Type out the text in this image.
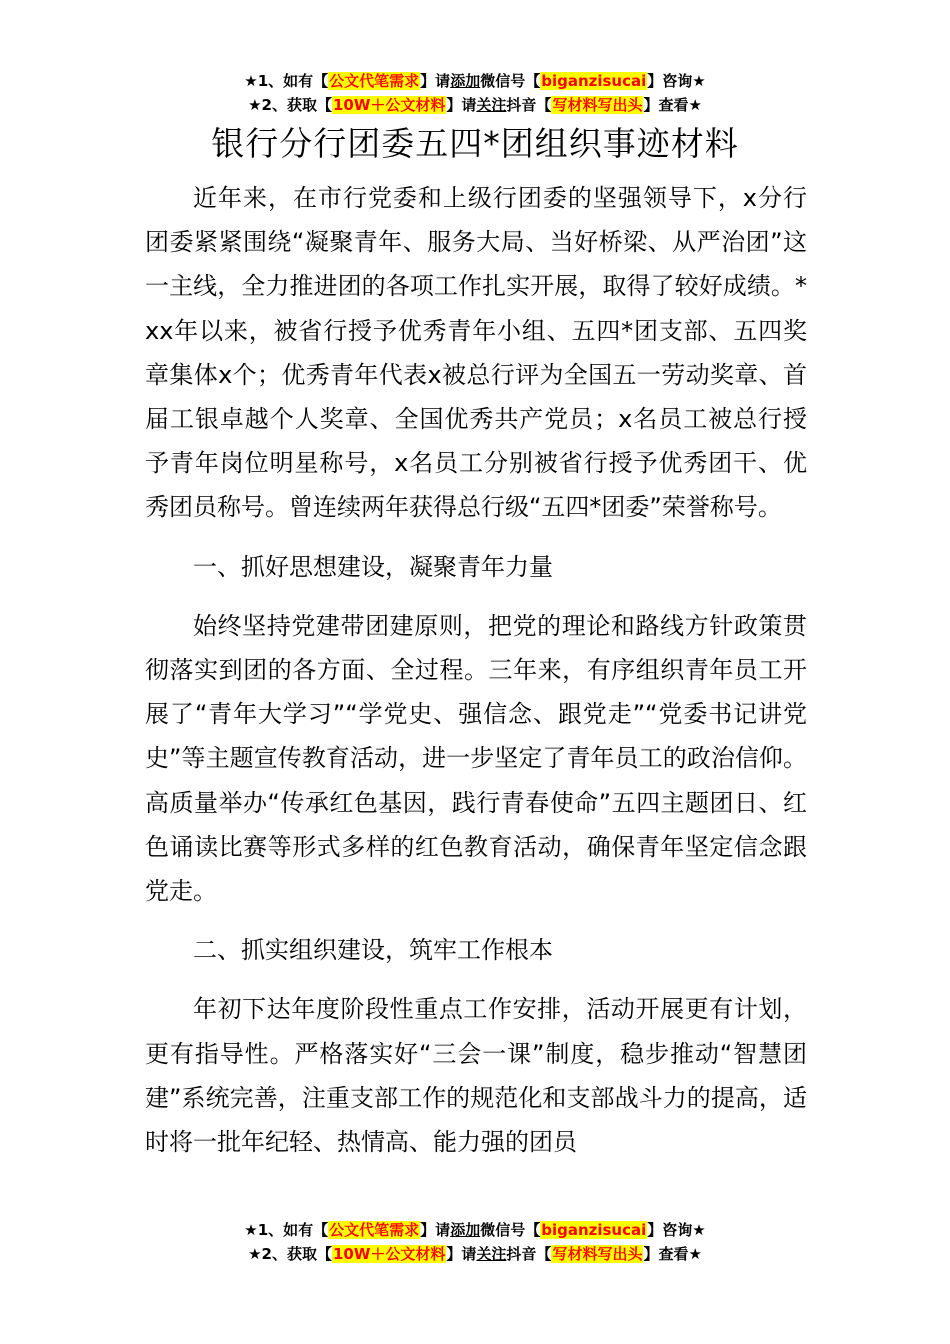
★1、如有【公文代笔需求】请添加微信号【biganzisucai】咨询★
★2、获取【10W＋公文材料】请关注抖音【写材料写出头】查看★
银行分行团委五四*团组织事迹材料

近年来，在市行党委和上级行团委的坚强领导下，x分行团委紧紧围绕“凝聚青年、服务大局、当好桥梁、从严治团”这一主线，全力推进团的各项工作扎实开展，取得了较好成绩。*xx年以来，被省行授予优秀青年小组、五四*团支部、五四奖章集体x个；优秀青年代表x被总行评为全国五一劳动奖章、首届工银卓越个人奖章、全国优秀共产党员；x名员工被总行授予青年岗位明星称号，x名员工分别被省行授予优秀团干、优秀团员称号。曾连续两年获得总行级“五四*团委”荣誉称号。

一、抓好思想建设，凝聚青年力量

始终坚持党建带团建原则，把党的理论和路线方针政策贯彻落实到团的各方面、全过程。三年来，有序组织青年员工开展了“青年大学习”“学党史、强信念、跟党走”“党委书记讲党史”等主题宣传教育活动，进一步坚定了青年员工的政治信仰。高质量举办“传承红色基因，践行青春使命”五四主题团日、红色诵读比赛等形式多样的红色教育活动，确保青年坚定信念跟党走。

二、抓实组织建设，筑牢工作根本

年初下达年度阶段性重点工作安排，活动开展更有计划，更有指导性。严格落实好“三会一课”制度，稳步推动“智慧团建”系统完善，注重支部工作的规范化和支部战斗力的提高，适时将一批年纪轻、热情高、能力强的团员

★1、如有【公文代笔需求】请添加微信号【biganzisucai】咨询★
★2、获取【10W＋公文材料】请关注抖音【写材料写出头】查看★
